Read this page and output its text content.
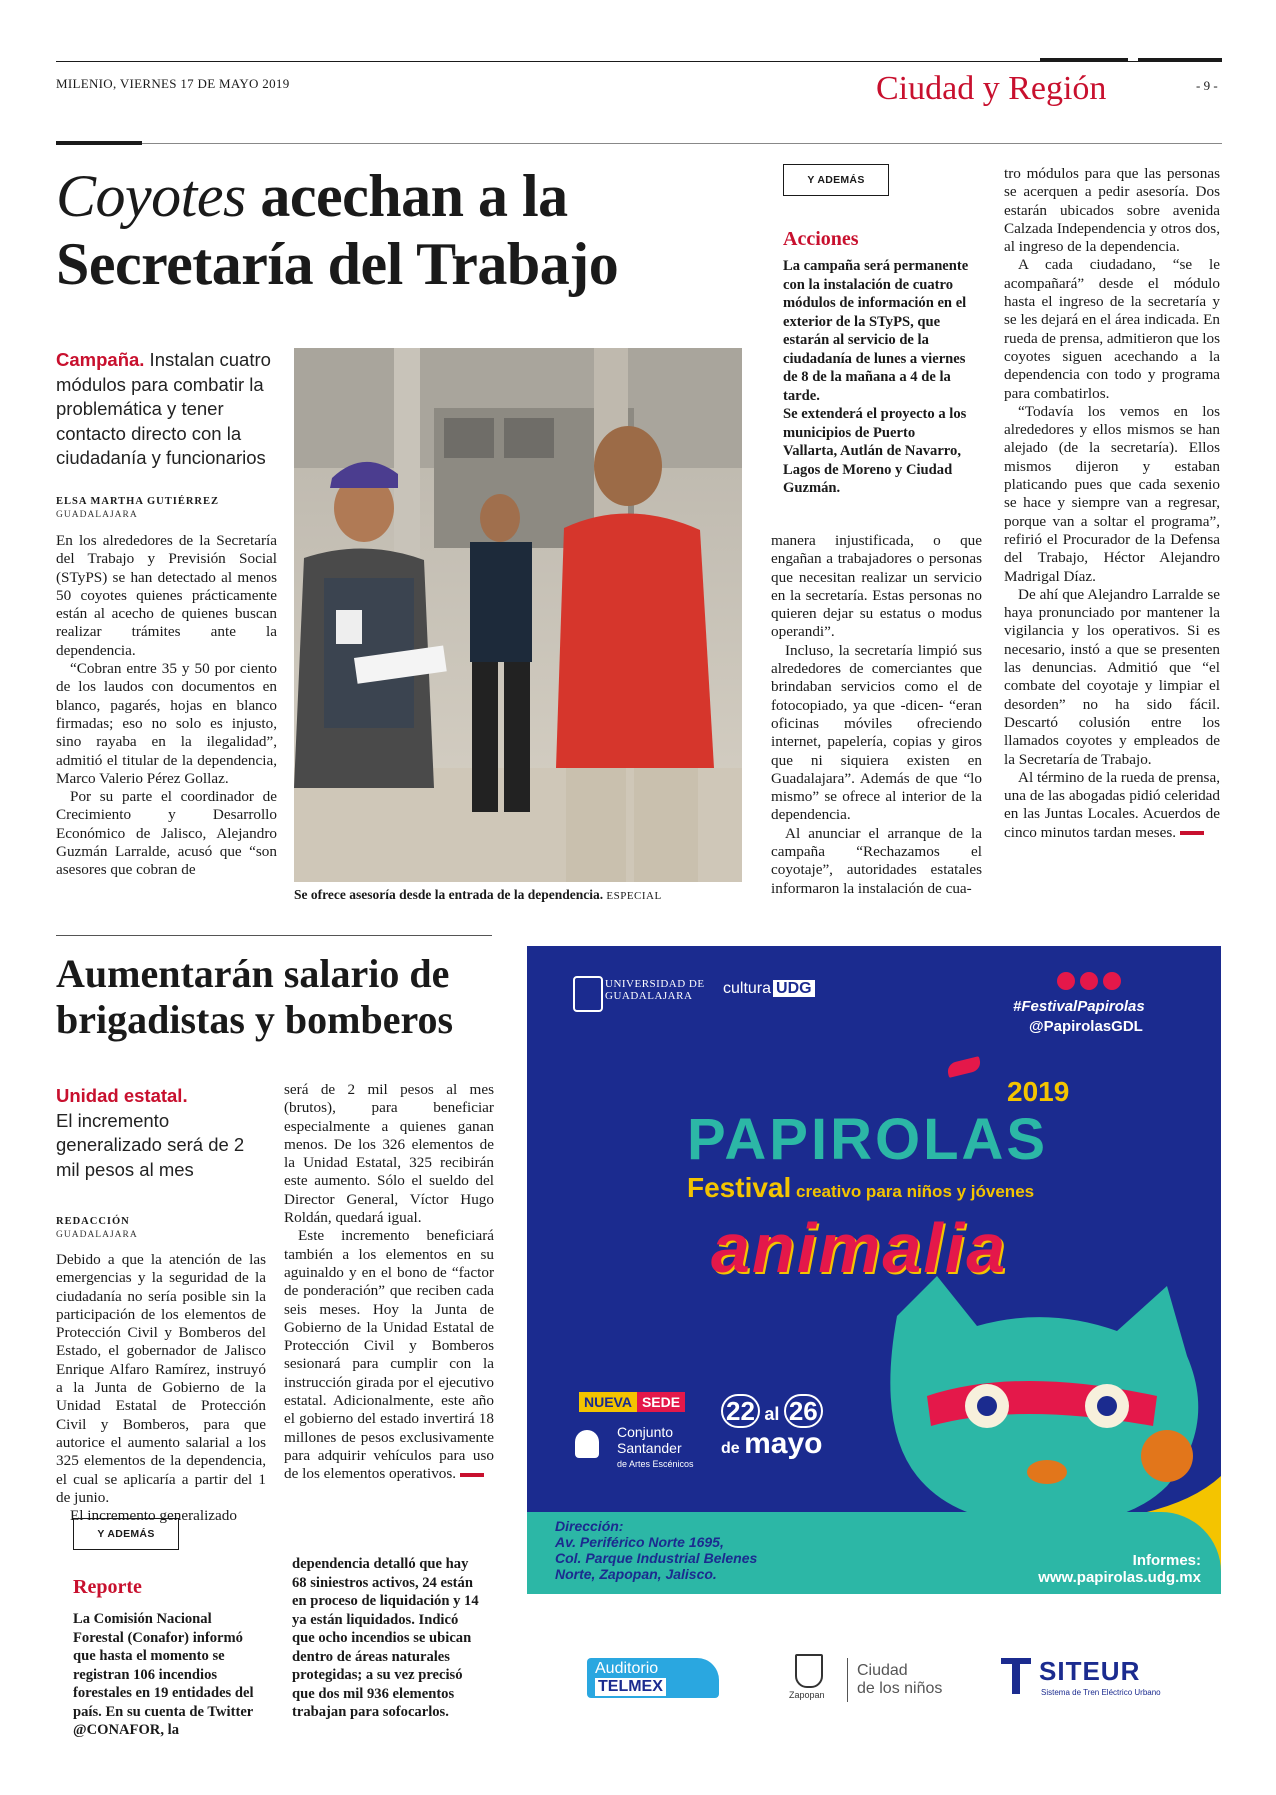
MILENIO, VIERNES 17 DE MAYO 2019	Ciudad y Región	- 9 -
Coyotes acechan a la
Secretaría del Trabajo
Campaña. Instalan cuatro módulos para combatir la problemática y tener contacto directo con la ciudadanía y funcionarios
ELSA MARTHA GUTIÉRREZ
GUADALAJARA

En los alrededores de la Secretaría del Trabajo y Previsión Social (STyPS) se han detectado al menos 50 coyotes quienes prácticamente están al acecho de quienes buscan realizar trámites ante la dependencia.

“Cobran entre 35 y 50 por ciento de los laudos con documentos en blanco, pagarés, hojas en blanco firmadas; eso no solo es injusto, sino rayaba en la ilegalidad”, admitió el titular de la dependencia, Marco Valerio Pérez Gollaz.

Por su parte el coordinador de Crecimiento y Desarrollo Económico de Jalisco, Alejandro Guzmán Larralde, acusó que “son asesores que cobran de

Se ofrece asesoría desde la entrada de la dependencia. ESPECIAL
Y ADEMÁS
Acciones

La campaña será permanente con la instalación de cuatro módulos de información en el exterior de la STyPS, que estarán al servicio de la ciudadanía de lunes a viernes de 8 de la mañana a 4 de la tarde.

Se extenderá el proyecto a los municipios de Puerto Vallarta, Autlán de Navarro, Lagos de Moreno y Ciudad Guzmán.

manera injustificada, o que engañan a trabajadores o personas que necesitan realizar un servicio en la secretaría. Estas personas no quieren dejar su estatus o modus operandi”.

Incluso, la secretaría limpió sus alrededores de comerciantes que brindaban servicios como el de fotocopiado, ya que -dicen- “eran oficinas móviles ofreciendo internet, papelería, copias y giros que ni siquiera existen en Guadalajara”. Además de que “lo mismo” se ofrece al interior de la dependencia.

Al anunciar el arranque de la campaña “Rechazamos el coyotaje”, autoridades estatales informaron la instalación de cua-

tro módulos para que las personas se acerquen a pedir asesoría. Dos estarán ubicados sobre avenida Calzada Independencia y otros dos, al ingreso de la dependencia.

A cada ciudadano, “se le acompañará” desde el módulo hasta el ingreso de la secretaría y se les dejará en el área indicada. En rueda de prensa, admitieron que los coyotes siguen acechando a la dependencia con todo y programa para combatirlos.

“Todavía los vemos en los alrededores y ellos mismos se han alejado (de la secretaría). Ellos mismos dijeron y estaban platicando pues que cada sexenio se hace y siempre van a regresar, porque van a soltar el programa”, refirió el Procurador de la Defensa del Trabajo, Héctor Alejandro Madrigal Díaz.

De ahí que Alejandro Larralde se haya pronunciado por mantener la vigilancia y los operativos. Si es necesario, instó a que se presenten las denuncias. Admitió que “el combate del coyotaje y limpiar el desorden” no ha sido fácil. Descartó colusión entre los llamados coyotes y empleados de la Secretaría de Trabajo.

Al término de la rueda de prensa, una de las abogadas pidió celeridad en las Juntas Locales. Acuerdos de cinco minutos tardan meses.

Aumentarán salario de
brigadistas y bomberos
Unidad estatal.
El incremento generalizado será de 2 mil pesos al mes
REDACCIÓN
GUADALAJARA

Debido a que la atención de las emergencias y la seguridad de la ciudadanía no sería posible sin la participación de los elementos de Protección Civil y Bomberos del Estado, el gobernador de Jalisco Enrique Alfaro Ramírez, instruyó a la Junta de Gobierno de la Unidad Estatal de Protección Civil y Bomberos, para que autorice el aumento salarial a los 325 elementos de la dependencia, el cual se aplicaría a partir del 1 de junio.

El incremento generalizado

será de 2 mil pesos al mes (brutos), para beneficiar especialmente a quienes ganan menos. De los 326 elementos de la Unidad Estatal, 325 recibirán este aumento. Sólo el sueldo del Director General, Víctor Hugo Roldán, quedará igual.

Este incremento beneficiará también a los elementos en su aguinaldo y en el bono de “factor de ponderación” que reciben cada seis meses. Hoy la Junta de Gobierno de la Unidad Estatal de Protección Civil y Bomberos sesionará para cumplir con la instrucción girada por el ejecutivo estatal. Adicionalmente, este año el gobierno del estado invertirá 18 millones de pesos exclusivamente para adquirir vehículos para uso de los elementos operativos.

Y ADEMÁS
Reporte
La Comisión Nacional Forestal (Conafor) informó que hasta el momento se registran 106 incendios forestales en 19 entidades del país. En su cuenta de Twitter @CONAFOR, la
dependencia detalló que hay 68 siniestros activos, 24 están en proceso de liquidación y 14 ya están liquidados. Indicó que ocho incendios se ubican dentro de áreas naturales protegidas; a su vez precisó que dos mil 936 elementos trabajan para sofocarlos.
UNIVERSIDAD DE
GUADALAJARA	cultura UDG
#FestivalPapirolas
@PapirolasGDL
2019
PAPIROLAS
Festival creativo para niños y jóvenes
animalia
NUEVA SEDE
Conjunto
Santander
de Artes Escénicos
22 al 26
de mayo
Dirección:
Av. Periférico Norte 1695,
Col. Parque Industrial Belenes
Norte, Zapopan, Jalisco.
Informes:
www.papirolas.udg.mx
Auditorio
TELMEX	Zapopan
Ciudad
de los niños
SITEUR
Sistema de Tren Eléctrico Urbano
